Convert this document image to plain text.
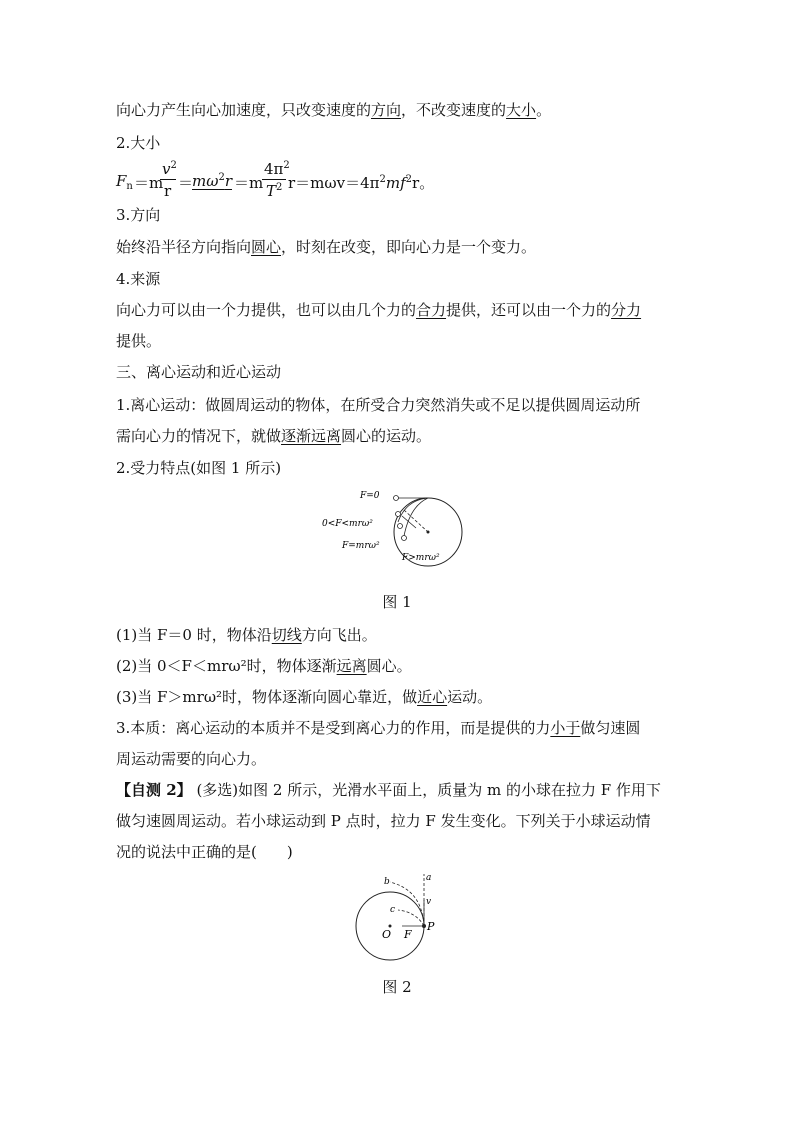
向心力产生向心加速度，只改变速度的方向，不改变速度的大小。
2.大小
$F_n =m$
$v^2$
r ＝
$m\omega^2r =m$
$4\pi^2$
$T^2$ $r=m\omega v=4\pi^2mf^2r$。
3.方向
始终沿半径方向指向圆心，时刻在改变，即向心力是一个变力。
4.来源
向心力可以由一个力提供，也可以由几个力的合力提供，还可以由一个力的分力
提供。
三、离心运动和近心运动
1.离心运动：做圆周运动的物体，在所受合力突然消失或不足以提供圆周运动所
需向心力的情况下，就做逐渐远离圆心的运动。
2.受力特点(如图 1 所示)
F=0
0<F<mrω²
F=mrω²
F>mrω²
图 1
(1)当 F＝0 时，物体沿切线方向飞出。
(2)当 0＜F＜mrω²时，物体逐渐远离圆心。
(3)当 F＞mrω²时，物体逐渐向圆心靠近，做近心运动。
3.本质：离心运动的本质并不是受到离心力的作用，而是提供的力小于做匀速圆
周运动需要的向心力。
【自测 2】 (多选)如图 2 所示，光滑水平面上，质量为 m 的小球在拉力 F 作用下
做匀速圆周运动。若小球运动到 P 点时，拉力 F 发生变化。下列关于小球运动情
况的说法中正确的是(　　)
a
b
c
v
O F
P
图 2
